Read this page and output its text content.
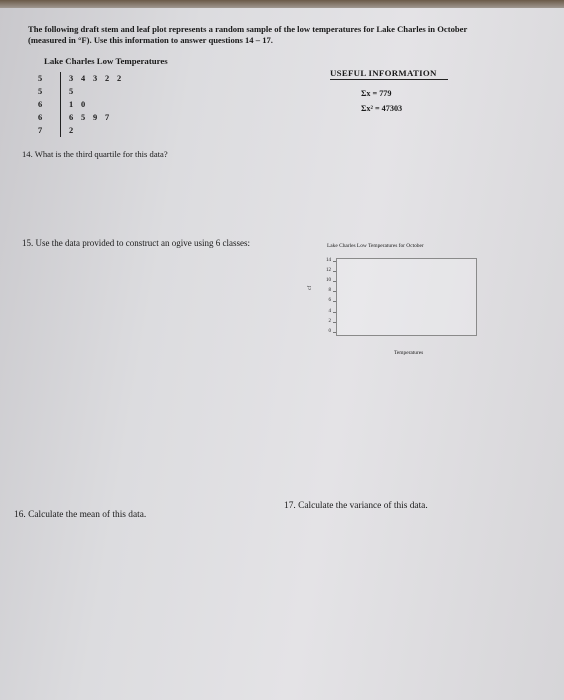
The following draft stem and leaf plot represents a random sample of the low temperatures for Lake Charles in October (measured in °F). Use this information to answer questions 14 – 17.
Lake Charles Low Temperatures
5	3 4 3 2 2
5	5
6	1 0
6	6 5 9 7
7	2
USEFUL INFORMATION
Σx = 779
Σx² = 47303
14. What is the third quartile for this data?
15. Use the data provided to construct an ogive using 6 classes:
16. Calculate the mean of this data.
17. Calculate the variance of this data.
Lake Charles Low Temperatures for October
14
12
10
8
6
4
2
0
cf
Temperatures
